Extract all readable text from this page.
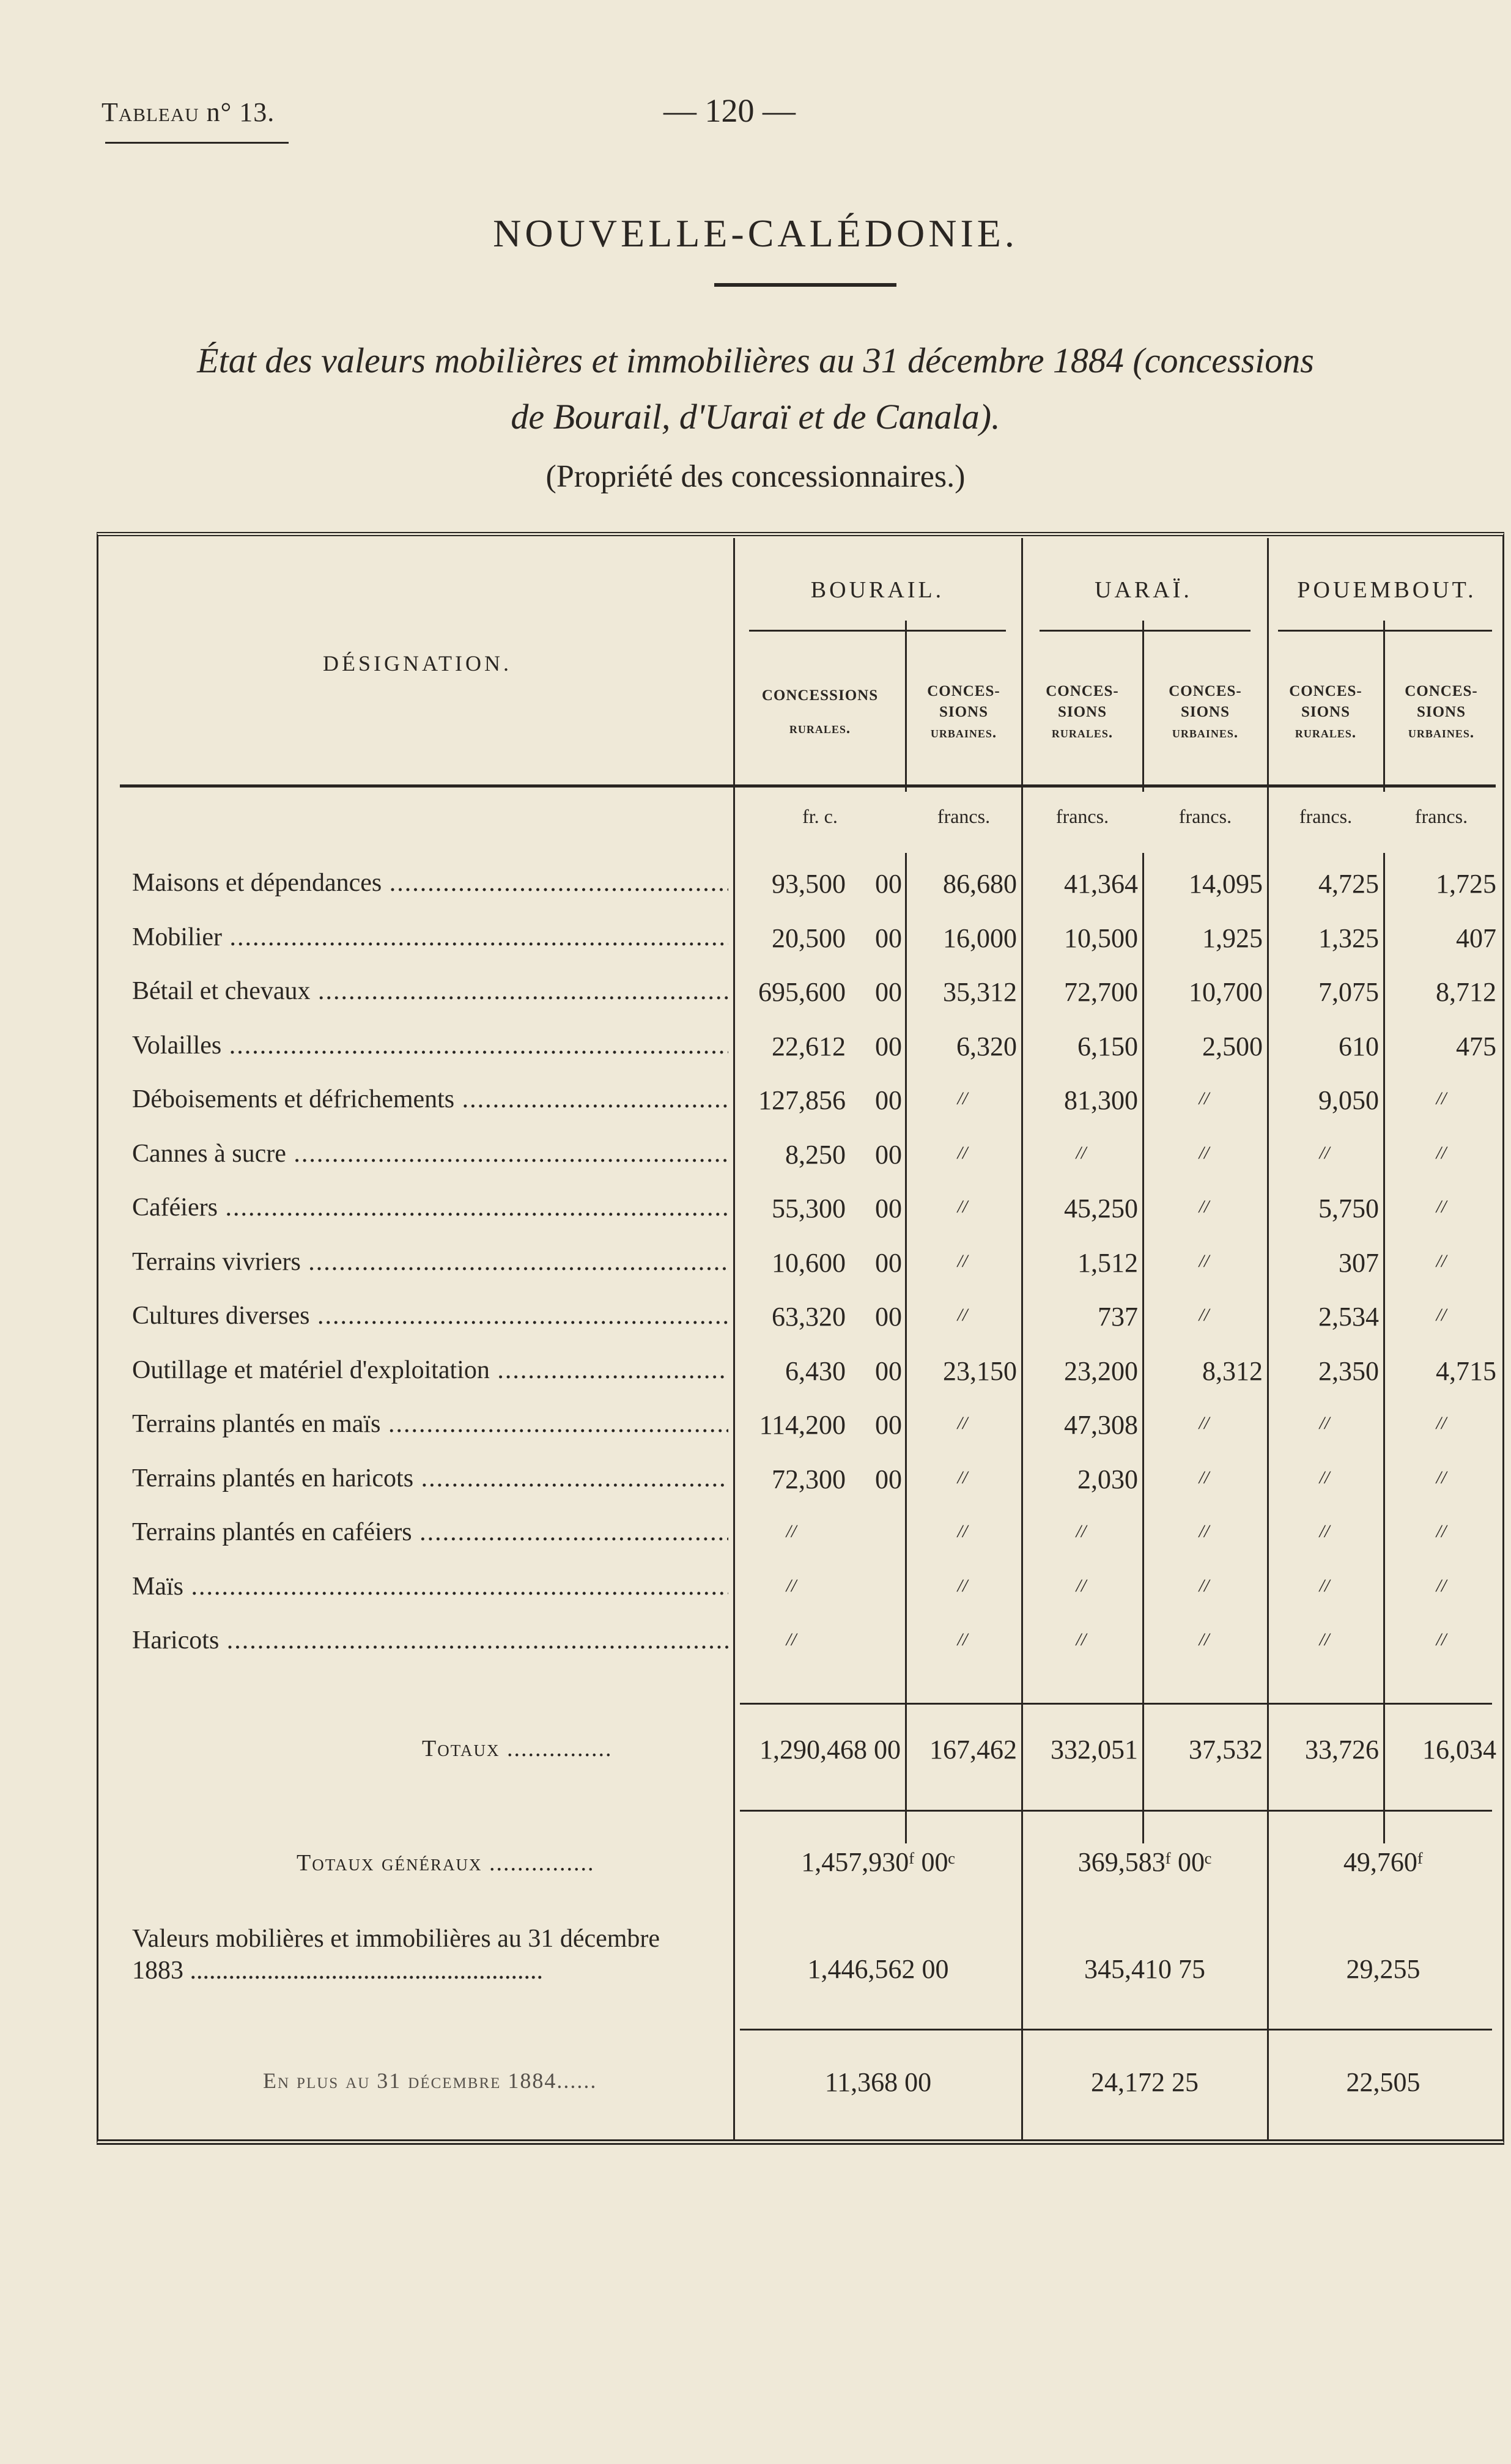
Tableau n° 13.	— 120 —
NOUVELLE-CALÉDONIE.
État des valeurs mobilières et immobilières au 31 décembre 1884 (concessions
de Bourail, d'Uaraï et de Canala).
(Propriété des concessionnaires.)
DÉSIGNATION.
BOURAIL.	UARAÏ.	POUEMBOUT.
CONCESSIONS
rurales.
CONCES-
SIONS
urbaines.
CONCES-
SIONS
rurales.
CONCES-
SIONS
urbaines.
CONCES-
SIONS
rurales.
CONCES-
SIONS
urbaines.
fr. c.	francs.	francs.	francs.	francs.	francs.
Maisons et dépendances .....	93,500	00	86,680	41,364	14,095	4,725	1,725
Mobilier .....	20,500	00	16,000	10,500	1,925	1,325	407
Bétail et chevaux .....	695,600	00	35,312	72,700	10,700	7,075	8,712
Volailles .....	22,612	00	6,320	6,150	2,500	610	475
Déboisements et défrichements .....	127,856	00	//	81,300	//	9,050	//
Cannes à sucre .....	8,250	00	//	//	//	//	//
Caféiers .....	55,300	00	//	45,250	//	5,750	//
Terrains vivriers .....	10,600	00	//	1,512	//	307	//
Cultures diverses .....	63,320	00	//	737	//	2,534	//
Outillage et matériel d'exploitation .....	6,430	00	23,150	23,200	8,312	2,350	4,715
Terrains plantés en maïs .....	114,200	00	//	47,308	//	//	//
Terrains plantés en haricots .....	72,300	00	//	2,030	//	//	//
Terrains plantés en caféiers .....	//	//	//	//	//	//
Maïs .....	//	//	//	//	//	//
Haricots .....	//	//	//	//	//	//
Totaux ...............	1,290,468 00	167,462	332,051	37,532	33,726	16,034
Totaux généraux ...............	1,457,930ᶠ 00ᶜ	369,583ᶠ 00ᶜ	49,760ᶠ
Valeurs mobilières et immobilières au 31 décembre
1883 .......................................................	1,446,562 00	345,410 75	29,255
En plus au 31 décembre 1884......	11,368 00	24,172 25	22,505
